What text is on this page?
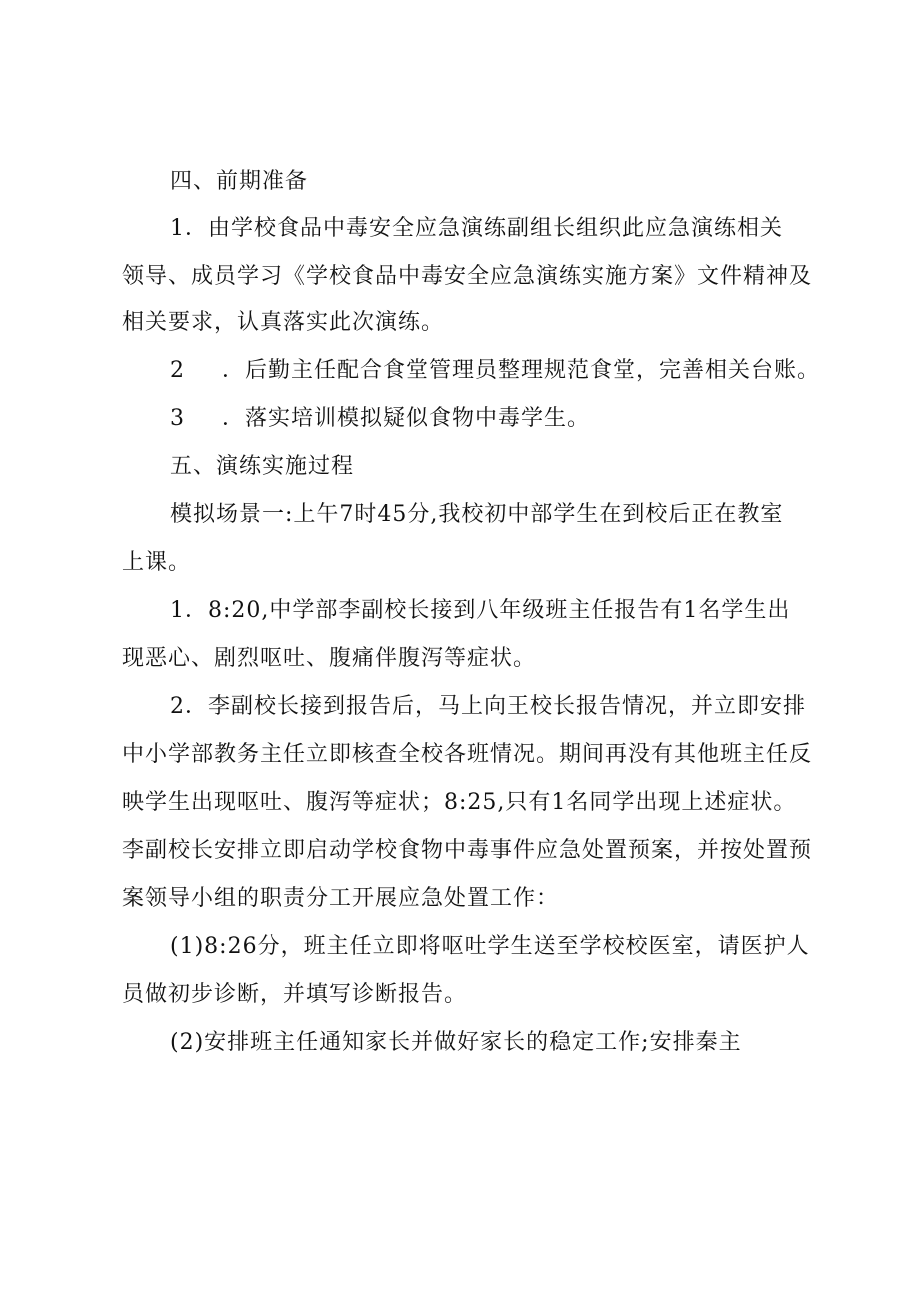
四、前期准备
1．由学校食品中毒安全应急演练副组长组织此应急演练相关
领导、成员学习《学校食品中毒安全应急演练实施方案》文件精神及
相关要求，认真落实此次演练。
2 ．后勤主任配合食堂管理员整理规范食堂，完善相关台账。
3 ．落实培训模拟疑似食物中毒学生。
五、演练实施过程
模拟场景一:上午7时45分,我校初中部学生在到校后正在教室
上课。
1．8:20,中学部李副校长接到八年级班主任报告有1名学生出
现恶心、剧烈呕吐、腹痛伴腹泻等症状。
2．李副校长接到报告后，马上向王校长报告情况，并立即安排
中小学部教务主任立即核查全校各班情况。期间再没有其他班主任反
映学生出现呕吐、腹泻等症状；8:25,只有1名同学出现上述症状。
李副校长安排立即启动学校食物中毒事件应急处置预案，并按处置预
案领导小组的职责分工开展应急处置工作：
(1)8:26分，班主任立即将呕吐学生送至学校校医室，请医护人
员做初步诊断，并填写诊断报告。
(2)安排班主任通知家长并做好家长的稳定工作;安排秦主
